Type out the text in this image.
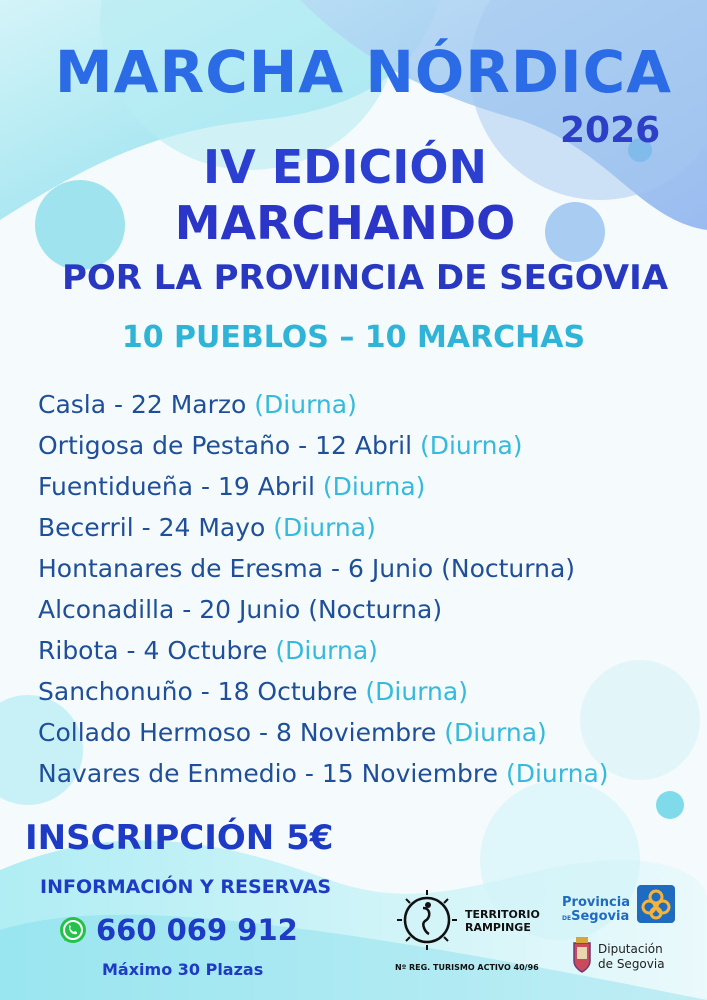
MARCHA NÓRDICA
2026
IV EDICIÓN
MARCHANDO
POR LA PROVINCIA DE SEGOVIA
10 PUEBLOS – 10 MARCHAS
Casla - 22 Marzo (Diurna)
Ortigosa de Pestaño - 12 Abril (Diurna)
Fuentidueña - 19 Abril (Diurna)
Becerril - 24 Mayo (Diurna)
Hontanares de Eresma - 6 Junio (Nocturna)
Alconadilla - 20 Junio (Nocturna)
Ribota - 4 Octubre (Diurna)
Sanchonuño - 18 Octubre (Diurna)
Collado Hermoso - 8 Noviembre (Diurna)
Navares de Enmedio - 15 Noviembre (Diurna)
INSCRIPCIÓN 5€
INFORMACIÓN Y RESERVAS
660 069 912
Máximo 30 Plazas
TERRITORIO
RAMPINGE
Nº REG. TURISMO ACTIVO 40/96
Provincia
DESegovia
Diputación
de Segovia
